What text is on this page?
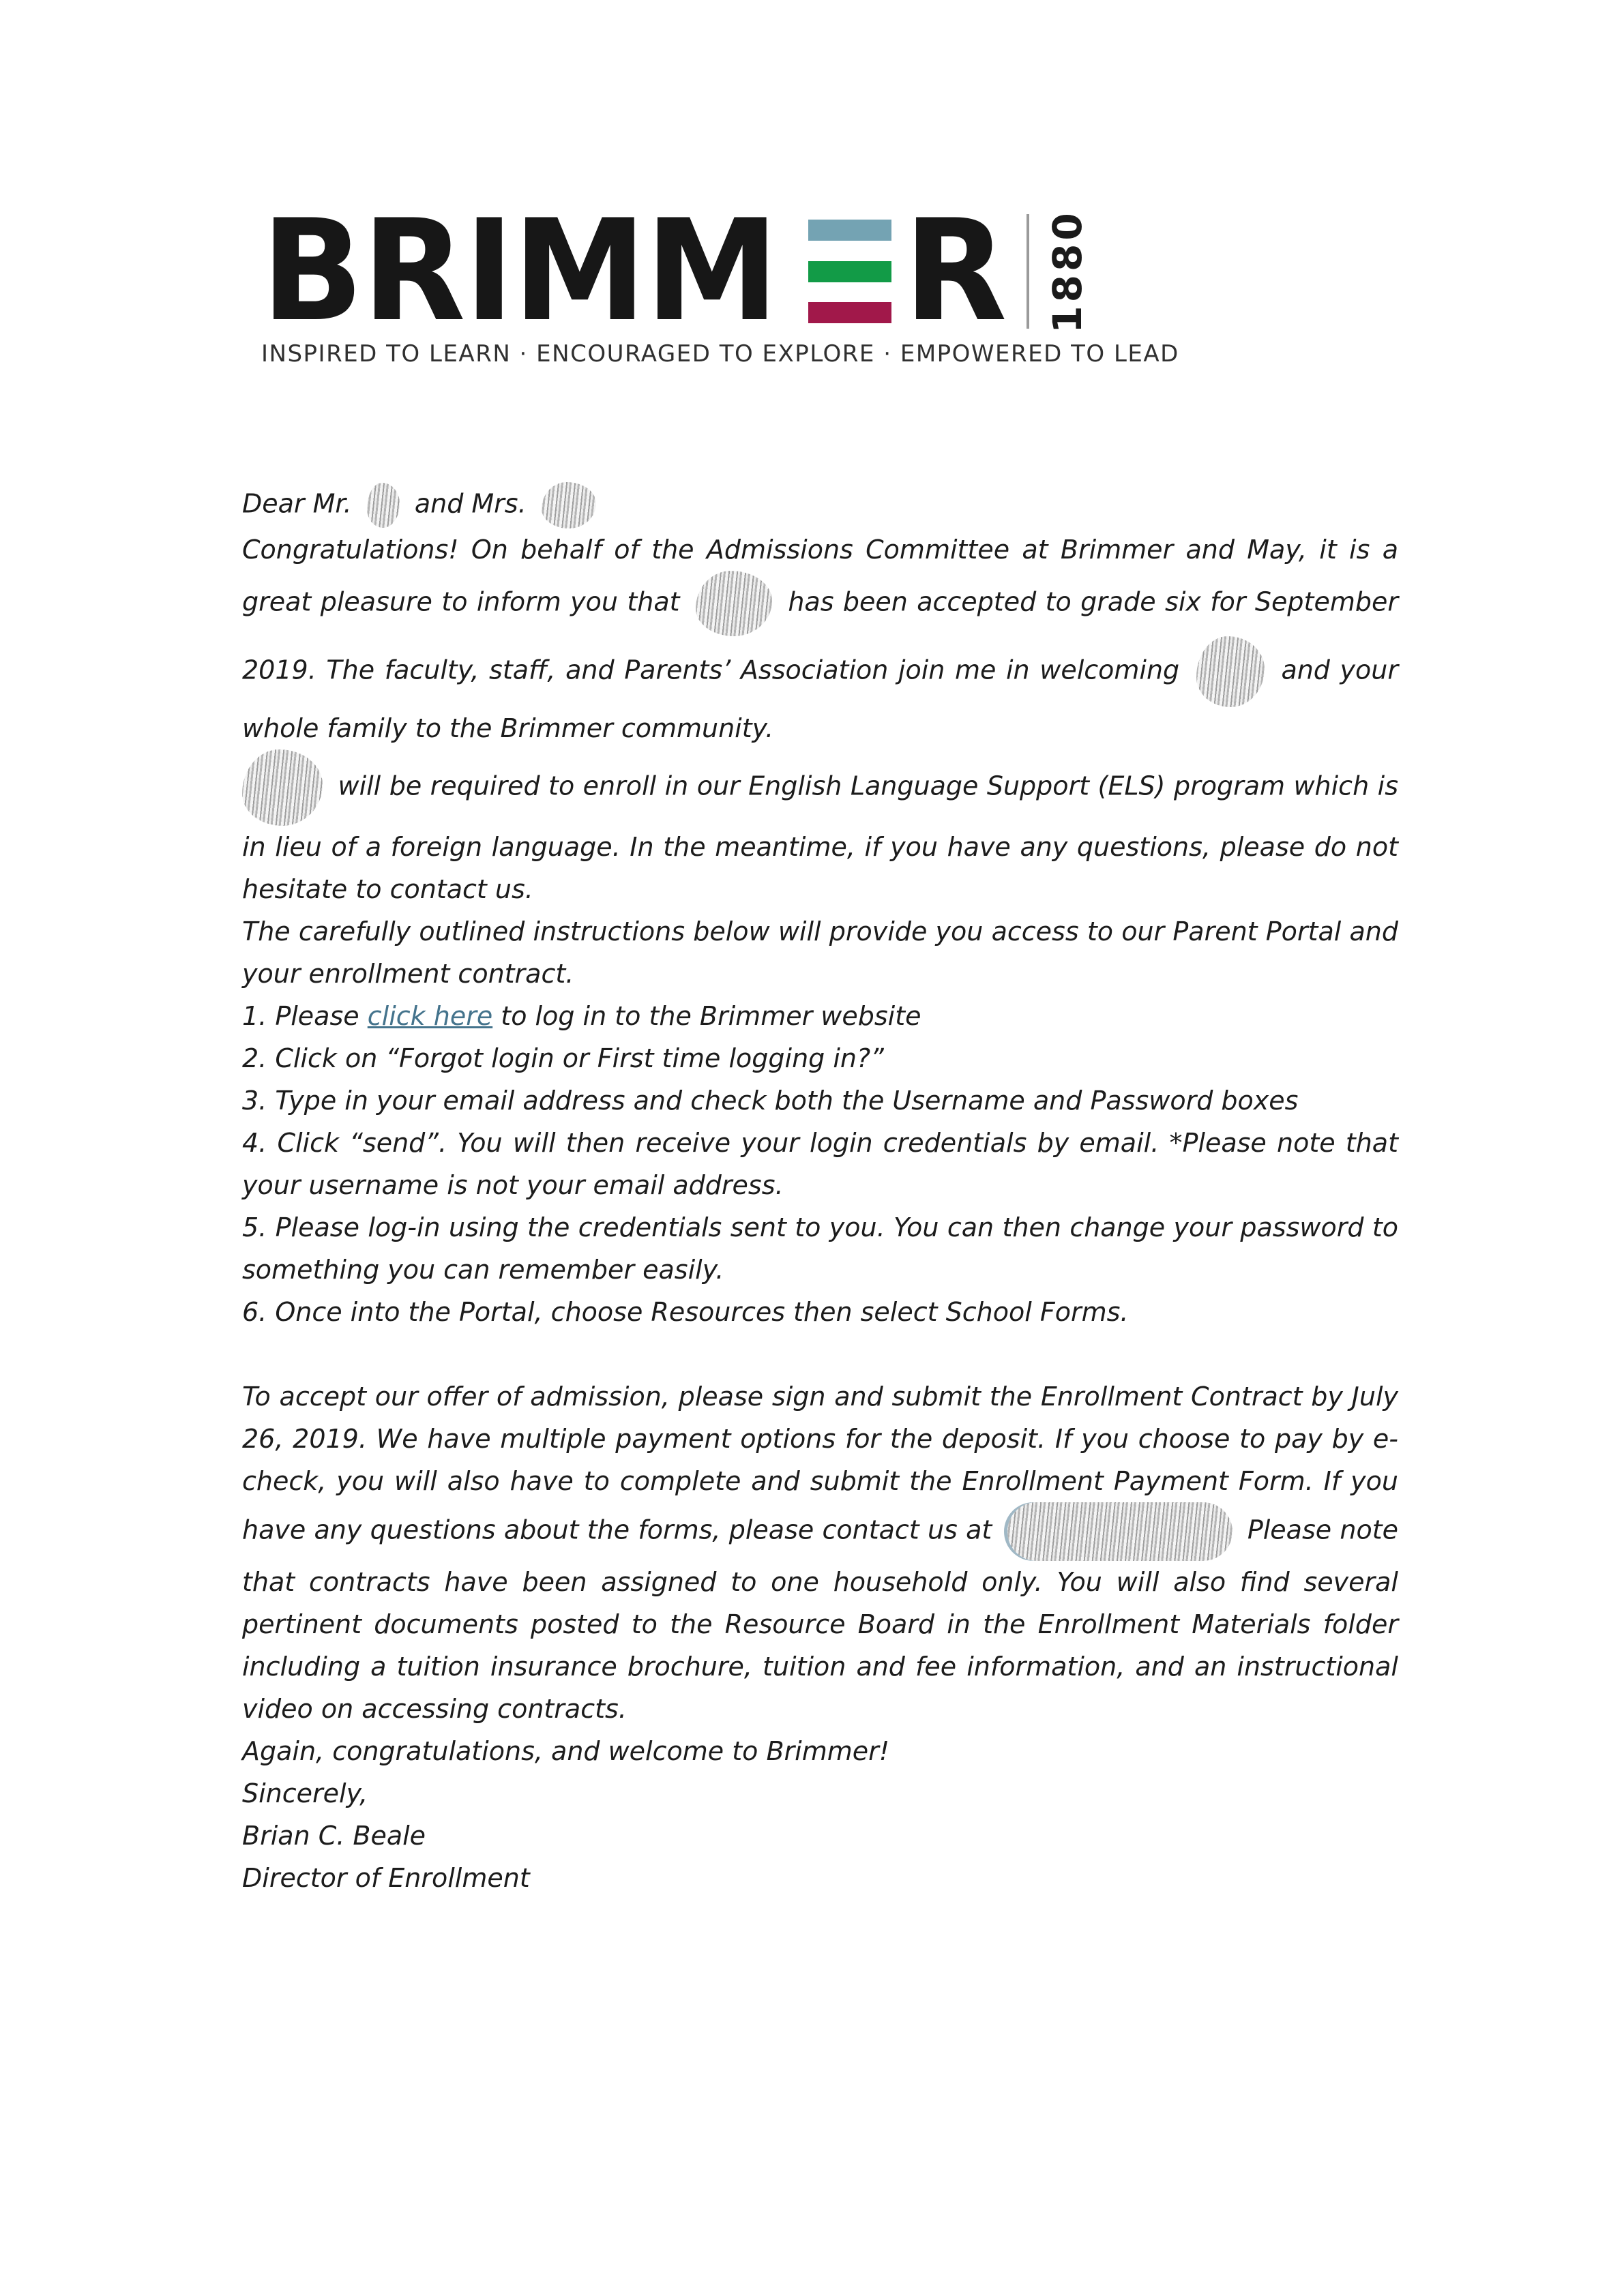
BRIMM R 1880
INSPIRED TO LEARN · ENCOURAGED TO EXPLORE · EMPOWERED TO LEAD

Dear Mr. and Mrs.

Congratulations! On behalf of the Admissions Committee at Brimmer and May, it is a great pleasure to inform you that	has been accepted to grade six for September 2019. The faculty, staff, and Parents’ Association join me in welcoming	and your whole family to the Brimmer community.

will be required to enroll in our English Language Support (ELS) program which is in lieu of a foreign language. In the meantime, if you have any questions, please do not hesitate to contact us.

The carefully outlined instructions below will provide you access to our Parent Portal and your enrollment contract.

1. Please click here to log in to the Brimmer website

2. Click on “Forgot login or First time logging in?”

3. Type in your email address and check both the Username and Password boxes

4. Click “send”. You will then receive your login credentials by email. *Please note that your username is not your email address.

5. Please log-in using the credentials sent to you. You can then change your password to something you can remember easily.

6. Once into the Portal, choose Resources then select School Forms.

To accept our offer of admission, please sign and submit the Enrollment Contract by July 26, 2019. We have multiple payment options for the deposit. If you choose to pay by e-check, you will also have to complete and submit the Enrollment Payment Form. If you have any questions about the forms, please contact us at	Please note that contracts have been assigned to one household only. You will also find several pertinent documents posted to the Resource Board in the Enrollment Materials folder including a tuition insurance brochure, tuition and fee information, and an instructional video on accessing contracts.

Again, congratulations, and welcome to Brimmer!

Sincerely,

Brian C. Beale

Director of Enrollment
